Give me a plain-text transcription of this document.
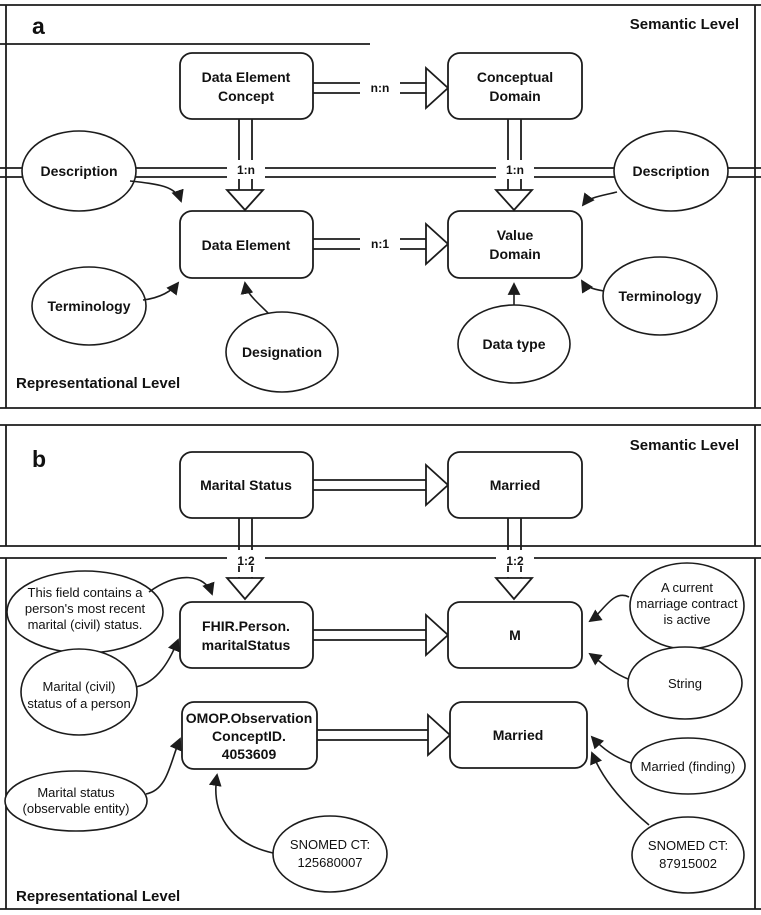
n:n
n:1
1:n	1:n
Data Element
Concept
Conceptual
Domain
Data Element
Value
Domain
Description	Description
Terminology
Designation	Data type
Terminology
a	Semantic Level
Representational Level
1:2	1:2
Marital Status	Married
FHIR.Person.
maritalStatus
M
OMOP.Observation
ConceptID.
4053609
Married
This field contains a
person's most recent
marital (civil) status.
Marital (civil)
status of a person
Marital status
(observable entity)
SNOMED CT:
125680007
A current
marriage contract
is active
String
Married (finding)
SNOMED CT:
87915002
b
Semantic Level
Representational Level
